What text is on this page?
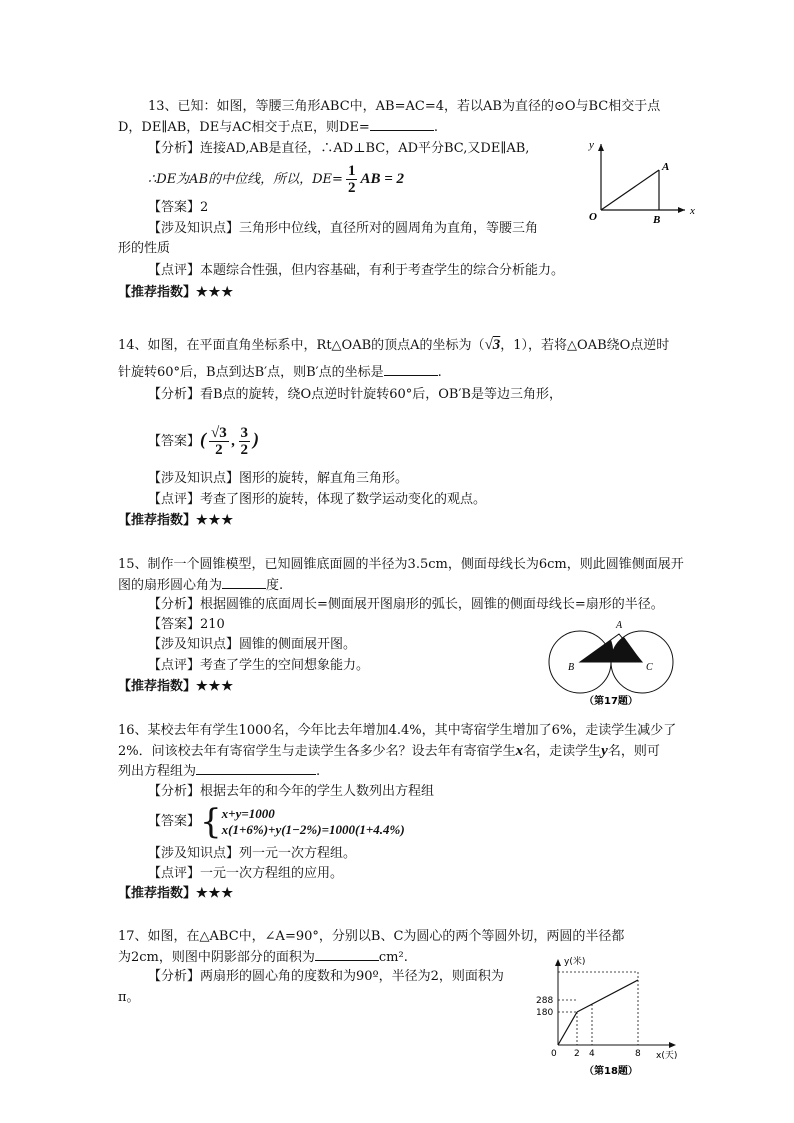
13、已知：如图，等腰三角形ABC中，AB=AC=4，若以AB为直径的⊙O与BC相交于点
D，DE∥AB，DE与AC相交于点E，则DE=	.
【分析】连接AD,AB是直径，∴AD⊥BC，AD平分BC,又DE∥AB,
∴DE为AB的中位线，所以，$DE= \frac{1}{2}$ AB = 2
【答案】2
【涉及知识点】三角形中位线，直径所对的圆周角为直角，等腰三角
形的性质
【点评】本题综合性强，但内容基础，有利于考查学生的综合分析能力。
【推荐指数】★★★
y
x
A
O	B
14、如图，在平面直角坐标系中，Rt△OAB的顶点A的坐标为（√3，1），若将△OAB绕O点逆时
针旋转60°后，B点到达B′点，则B′点的坐标是	.
【分析】看B点的旋转，绕O点逆时针旋转60°后，OB′B是等边三角形，
【答案】( $\frac{√3}{2}$ , $\frac{3}{2}$ )
【涉及知识点】图形的旋转，解直角三角形。
【点评】考查了图形的旋转，体现了数学运动变化的观点。
【推荐指数】★★★
15、制作一个圆锥模型，已知圆锥底面圆的半径为3.5cm，侧面母线长为6cm，则此圆锥侧面展开
图的扇形圆心角为	度.
【分析】根据圆锥的底面周长=侧面展开图扇形的弧长，圆锥的侧面母线长=扇形的半径。
【答案】210
【涉及知识点】圆锥的侧面展开图。
【点评】考查了学生的空间想象能力。
【推荐指数】★★★
A
B	C
（第17题）
16、某校去年有学生1000名，今年比去年增加4.4%，其中寄宿学生增加了6%，走读学生减少了
2%．问该校去年有寄宿学生与走读学生各多少名？设去年有寄宿学生x名，走读学生y名，则可
列出方程组为	.
【分析】根据去年的和今年的学生人数列出方程组
【答案】{ x+y=1000
x(1+6%)+y(1−2%)=1000(1+4.4%)
【涉及知识点】列一元一次方程组。
【点评】一元一次方程组的应用。
【推荐指数】★★★
17、如图，在△ABC中，∠A=90°，分别以B、C为圆心的两个等圆外切，两圆的半径都
为2cm，则图中阴影部分的面积为	cm².
【分析】两扇形的圆心角的度数和为90º，半径为2，则面积为
π。
y(米)
x(天)
288
180
0 2 4	8
（第18题）
